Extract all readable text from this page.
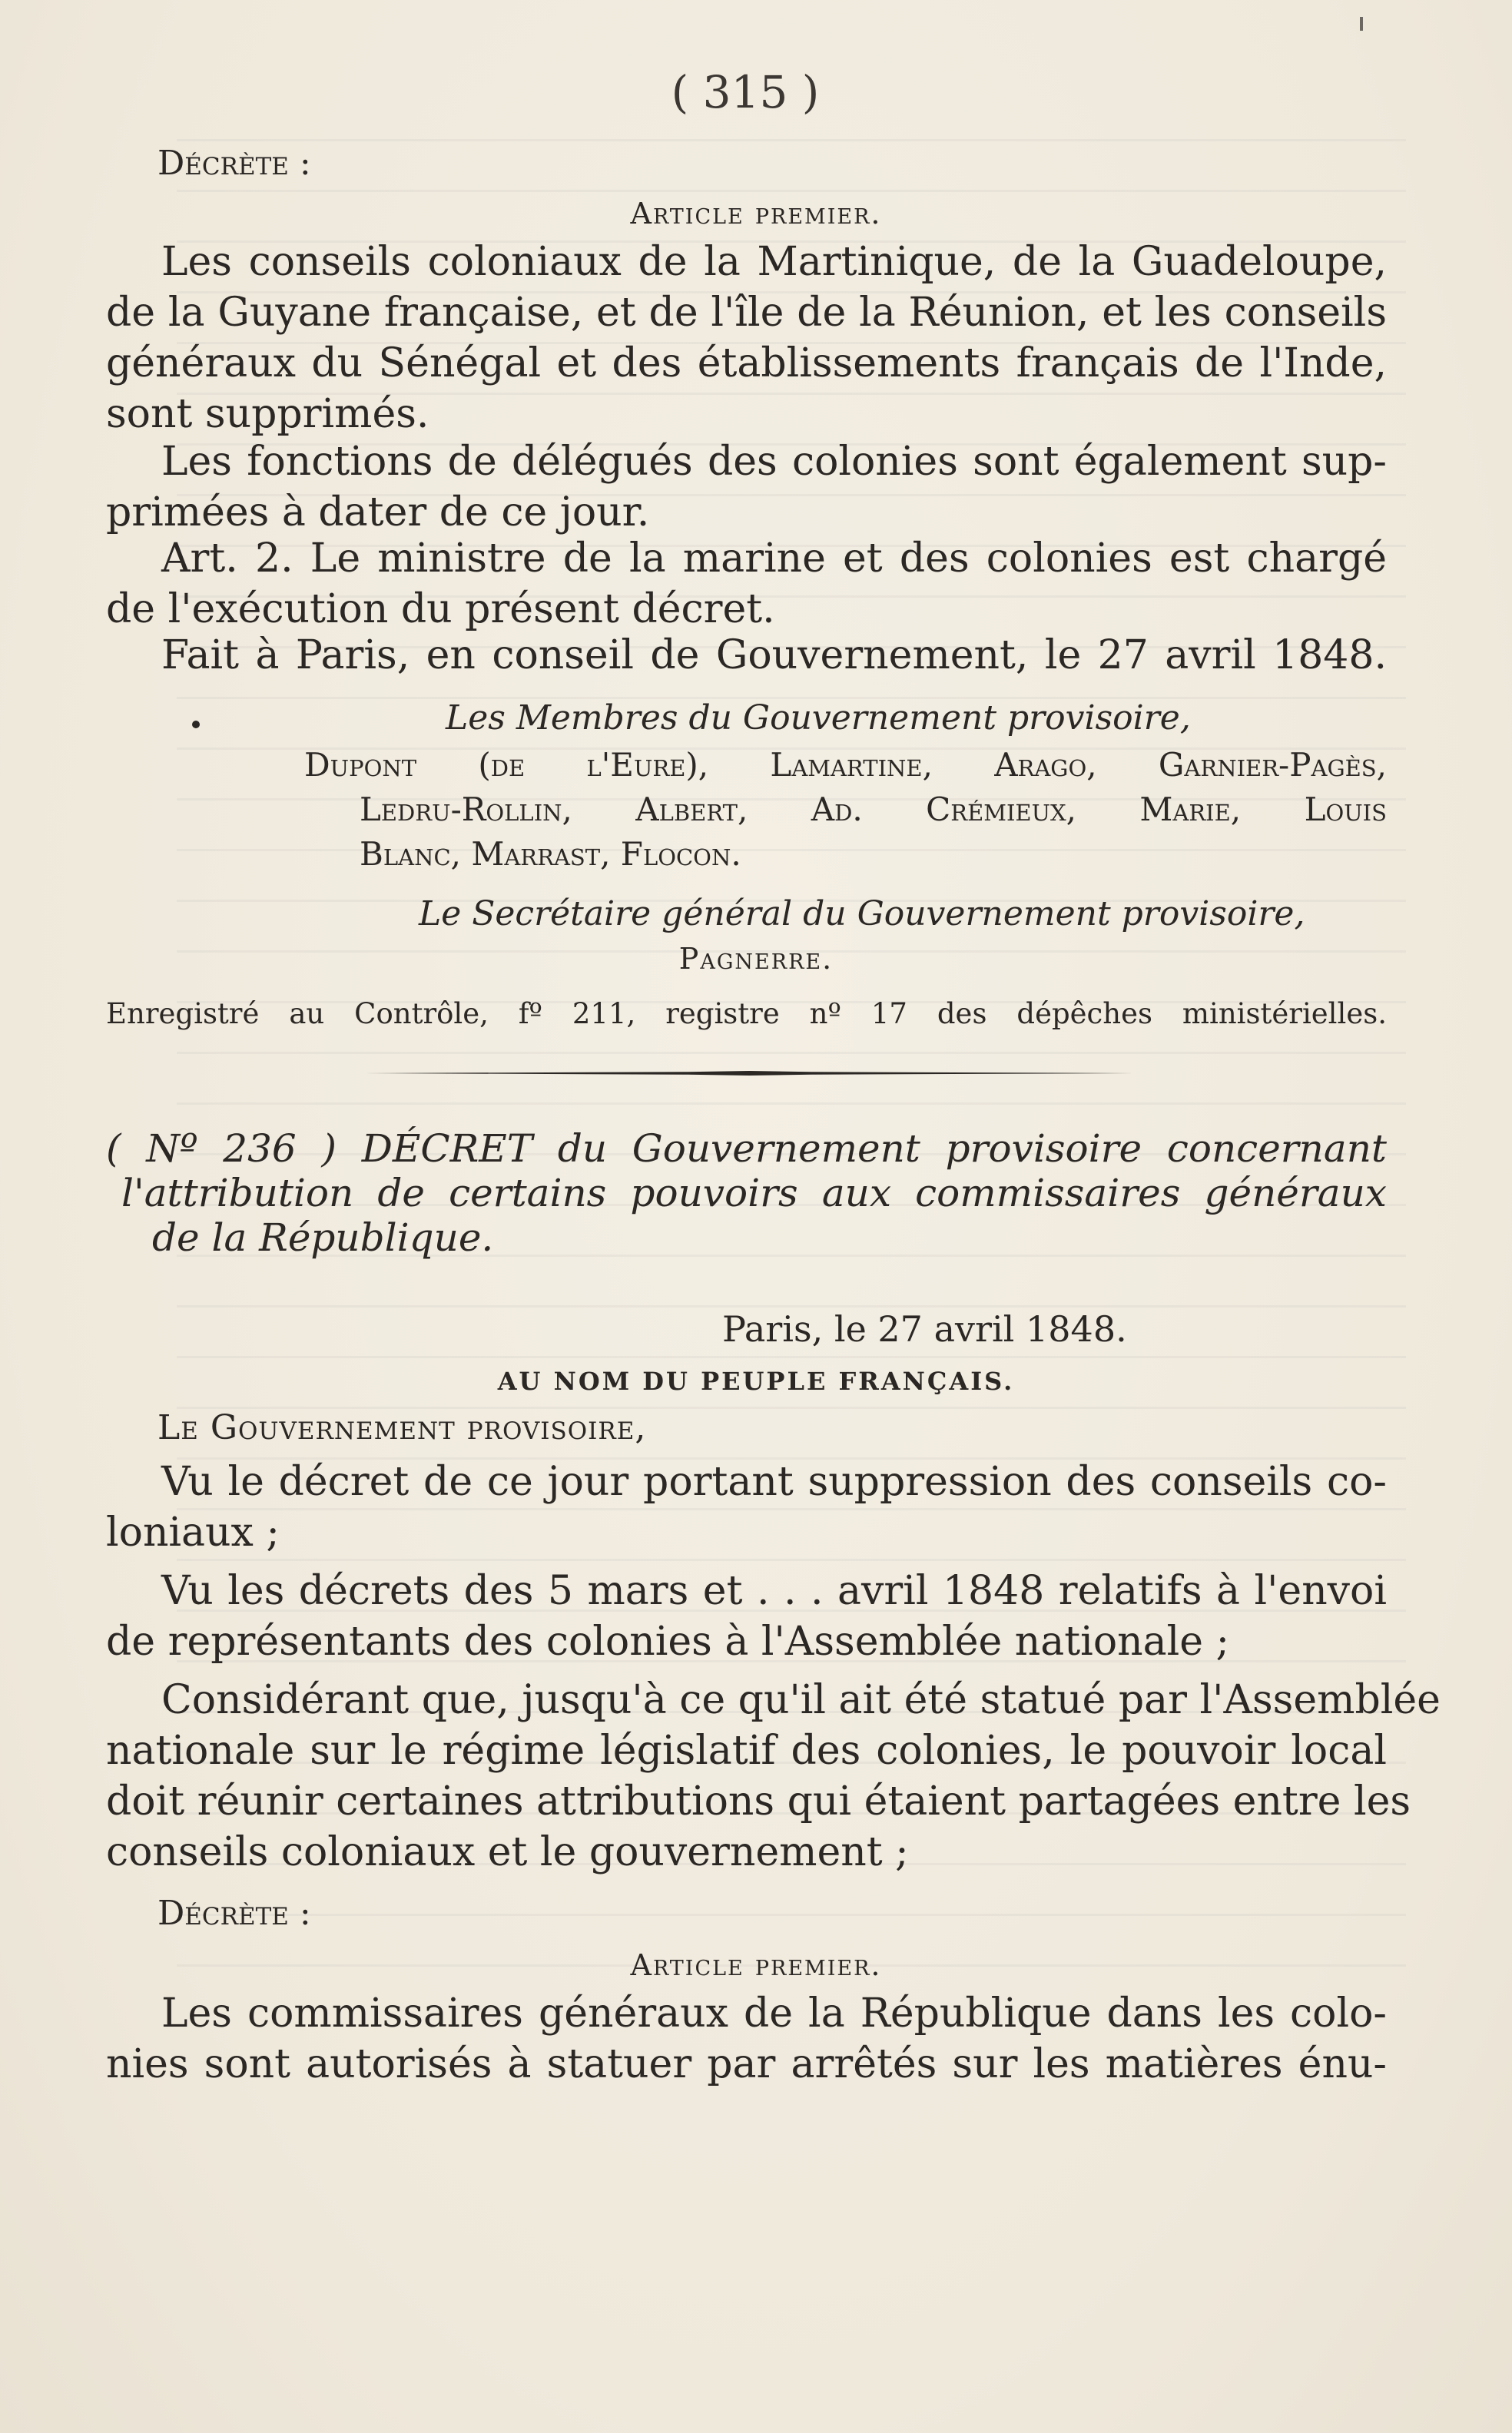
( 315 )
Décrète :
Article premier.
Les conseils coloniaux de la Martinique, de la Guadeloupe,
de la Guyane française, et de l'île de la Réunion, et les conseils
généraux du Sénégal et des établissements français de l'Inde,
sont supprimés.
Les fonctions de délégués des colonies sont également sup-
primées à dater de ce jour.
Art. 2. Le ministre de la marine et des colonies est chargé
de l'exécution du présent décret.
Fait à Paris, en conseil de Gouvernement, le 27 avril 1848.
Les Membres du Gouvernement provisoire,
Dupont (de l'Eure), Lamartine, Arago, Garnier-Pagès,
Ledru-Rollin, Albert, Ad. Crémieux, Marie, Louis
Blanc, Marrast, Flocon.
Le Secrétaire général du Gouvernement provisoire,
Pagnerre.
Enregistré au Contrôle, fº 211, registre nº 17 des dépêches ministérielles.
( Nº 236 ) DÉCRET du Gouvernement provisoire concernant
l'attribution de certains pouvoirs aux commissaires généraux
de la République.
Paris, le 27 avril 1848.
AU NOM DU PEUPLE FRANÇAIS.
Le Gouvernement provisoire,
Vu le décret de ce jour portant suppression des conseils co-
loniaux ;
Vu les décrets des 5 mars et . . . avril 1848 relatifs à l'envoi
de représentants des colonies à l'Assemblée nationale ;
Considérant que, jusqu'à ce qu'il ait été statué par l'Assemblée
nationale sur le régime législatif des colonies, le pouvoir local
doit réunir certaines attributions qui étaient partagées entre les
conseils coloniaux et le gouvernement ;
Décrète :
Article premier.
Les commissaires généraux de la République dans les colo-
nies sont autorisés à statuer par arrêtés sur les matières énu-
